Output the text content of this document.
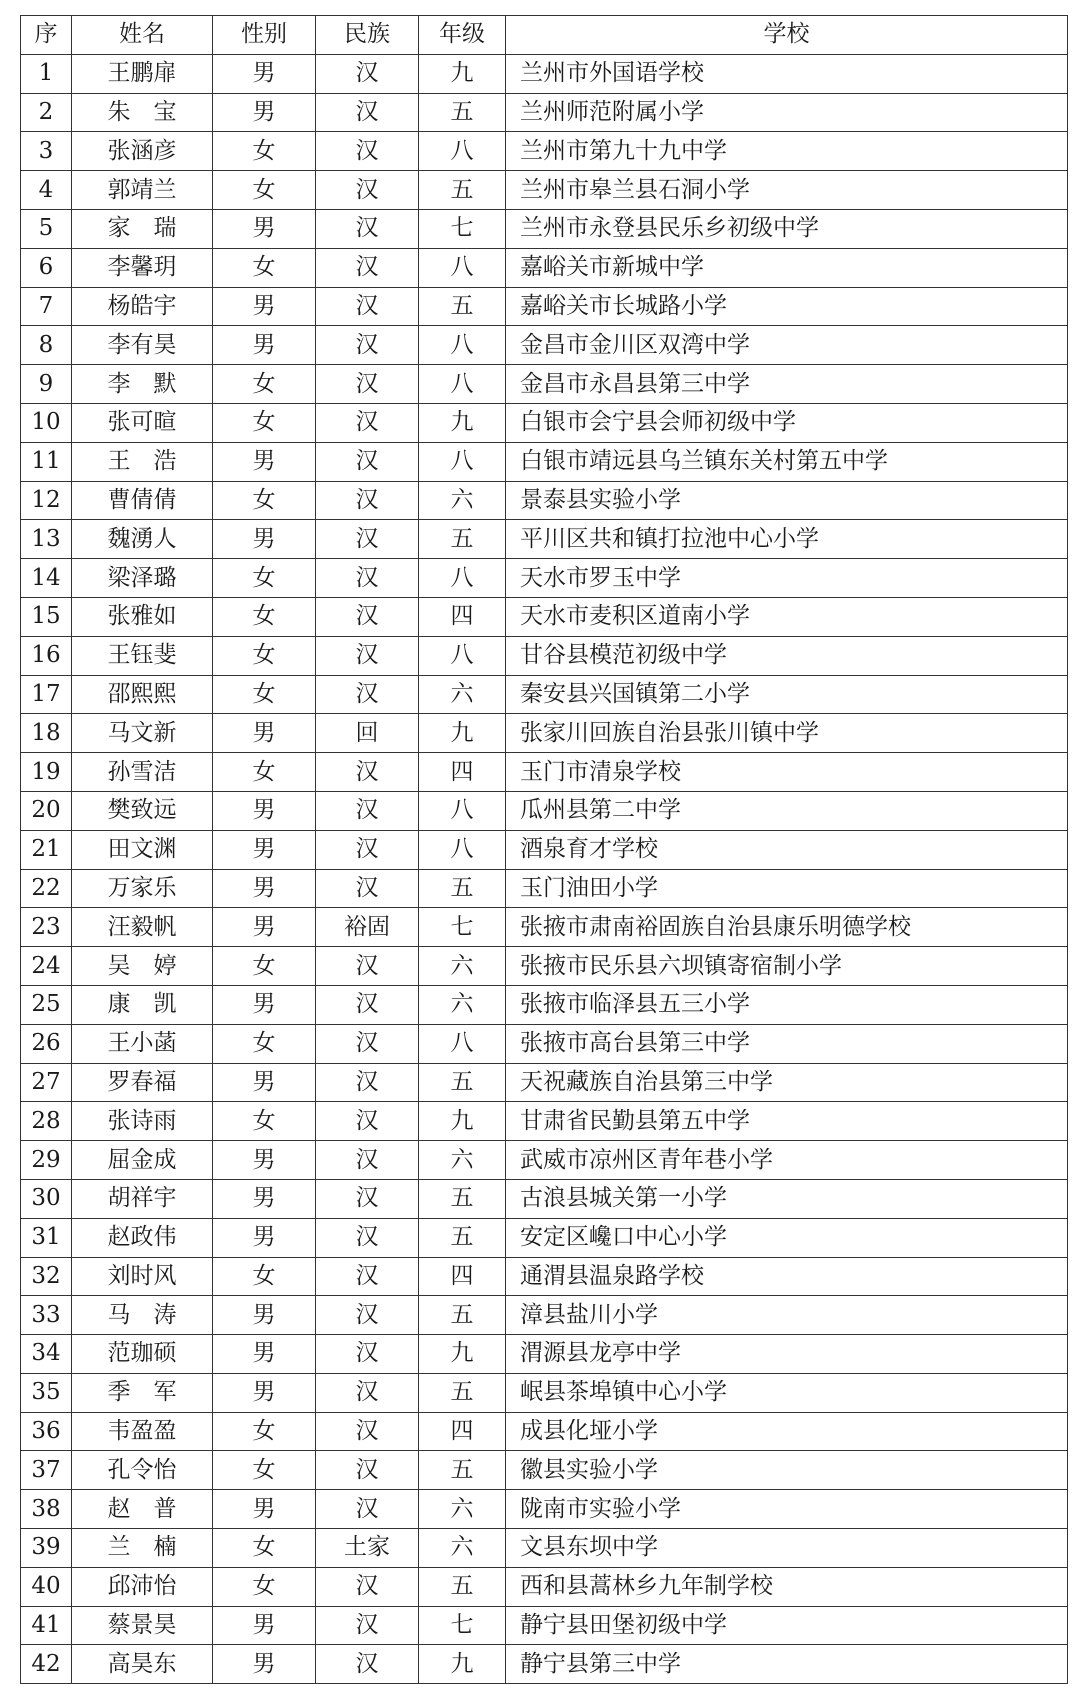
序	姓名	性别	民族	年级	学校
1	王鹏扉	男	汉	九	兰州市外国语学校
2	朱　宝	男	汉	五	兰州师范附属小学
3	张涵彦	女	汉	八	兰州市第九十九中学
4	郭靖兰	女	汉	五	兰州市皋兰县石洞小学
5	家　瑞	男	汉	七	兰州市永登县民乐乡初级中学
6	李馨玥	女	汉	八	嘉峪关市新城中学
7	杨皓宇	男	汉	五	嘉峪关市长城路小学
8	李有昊	男	汉	八	金昌市金川区双湾中学
9	李　默	女	汉	八	金昌市永昌县第三中学
10	张可暄	女	汉	九	白银市会宁县会师初级中学
11	王　浩	男	汉	八	白银市靖远县乌兰镇东关村第五中学
12	曹倩倩	女	汉	六	景泰县实验小学
13	魏湧人	男	汉	五	平川区共和镇打拉池中心小学
14	梁泽璐	女	汉	八	天水市罗玉中学
15	张雅如	女	汉	四	天水市麦积区道南小学
16	王钰斐	女	汉	八	甘谷县模范初级中学
17	邵熙熙	女	汉	六	秦安县兴国镇第二小学
18	马文新	男	回	九	张家川回族自治县张川镇中学
19	孙雪洁	女	汉	四	玉门市清泉学校
20	樊致远	男	汉	八	瓜州县第二中学
21	田文渊	男	汉	八	酒泉育才学校
22	万家乐	男	汉	五	玉门油田小学
23	汪毅帆	男	裕固	七	张掖市肃南裕固族自治县康乐明德学校
24	吴　婷	女	汉	六	张掖市民乐县六坝镇寄宿制小学
25	康　凯	男	汉	六	张掖市临泽县五三小学
26	王小菡	女	汉	八	张掖市高台县第三中学
27	罗春福	男	汉	五	天祝藏族自治县第三中学
28	张诗雨	女	汉	九	甘肃省民勤县第五中学
29	屈金成	男	汉	六	武威市凉州区青年巷小学
30	胡祥宇	男	汉	五	古浪县城关第一小学
31	赵政伟	男	汉	五	安定区巉口中心小学
32	刘时风	女	汉	四	通渭县温泉路学校
33	马　涛	男	汉	五	漳县盐川小学
34	范珈硕	男	汉	九	渭源县龙亭中学
35	季　军	男	汉	五	岷县茶埠镇中心小学
36	韦盈盈	女	汉	四	成县化垭小学
37	孔令怡	女	汉	五	徽县实验小学
38	赵　普	男	汉	六	陇南市实验小学
39	兰　楠	女	土家	六	文县东坝中学
40	邱沛怡	女	汉	五	西和县蒿林乡九年制学校
41	蔡景昊	男	汉	七	静宁县田堡初级中学
42	高昊东	男	汉	九	静宁县第三中学
